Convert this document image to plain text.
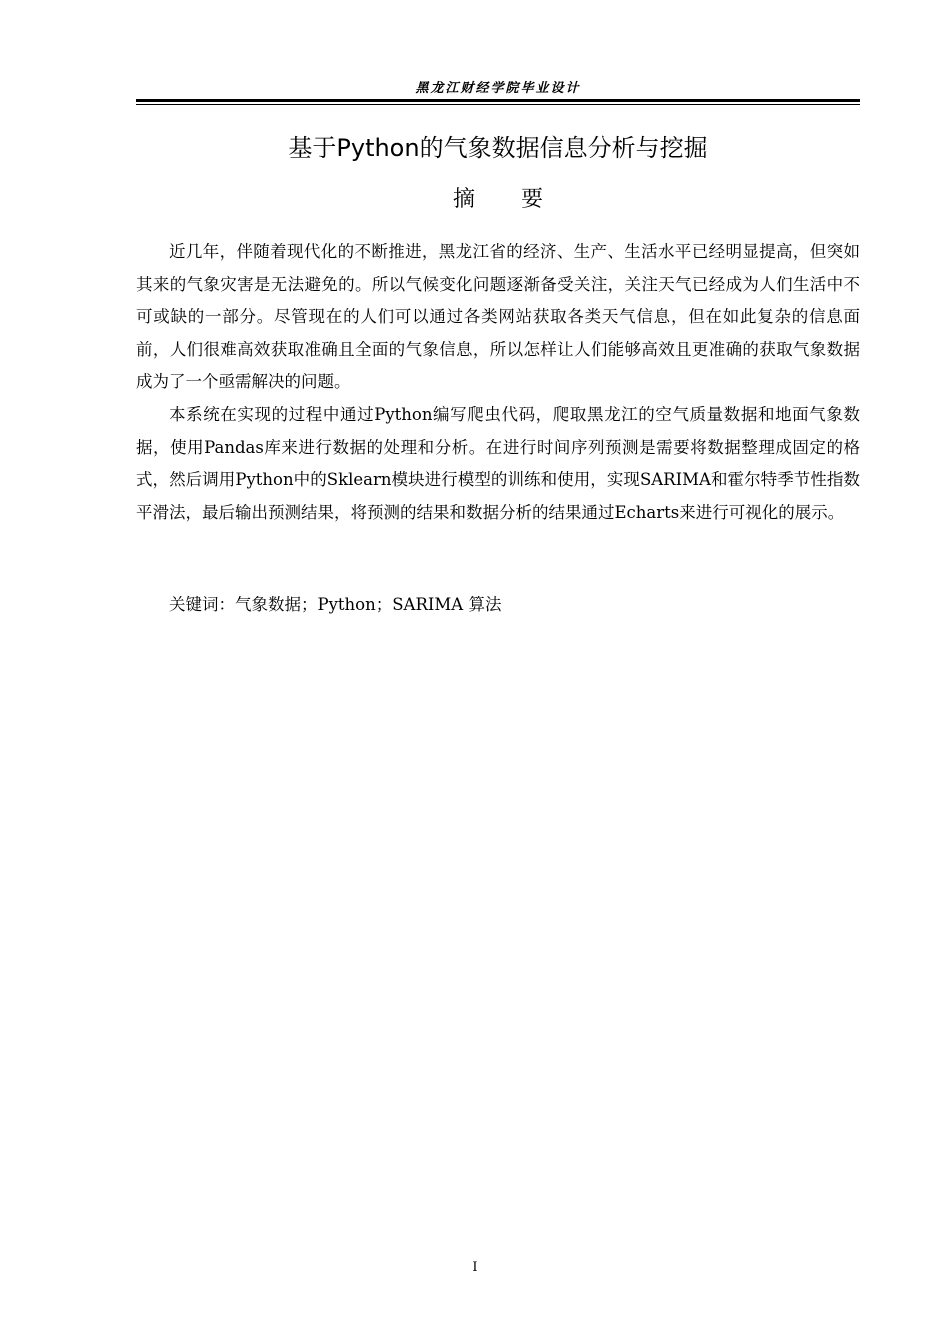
黑龙江财经学院毕业设计
基于Python的气象数据信息分析与挖掘
摘 要

近几年，伴随着现代化的不断推进，黑龙江省的经济、生产、生活水平已经明显提高，但突如其来的气象灾害是无法避免的。所以气候变化问题逐渐备受关注，关注天气已经成为人们生活中不可或缺的一部分。尽管现在的人们可以通过各类网站获取各类天气信息，但在如此复杂的信息面前，人们很难高效获取准确且全面的气象信息，所以怎样让人们能够高效且更准确的获取气象数据成为了一个亟需解决的问题。

本系统在实现的过程中通过Python编写爬虫代码，爬取黑龙江的空气质量数据和地面气象数据，使用Pandas库来进行数据的处理和分析。在进行时间序列预测是需要将数据整理成固定的格式，然后调用Python中的Sklearn模块进行模型的训练和使用，实现SARIMA和霍尔特季节性指数平滑法，最后输出预测结果，将预测的结果和数据分析的结果通过Echarts来进行可视化的展示。

关键词：气象数据；Python；SARIMA 算法
I
